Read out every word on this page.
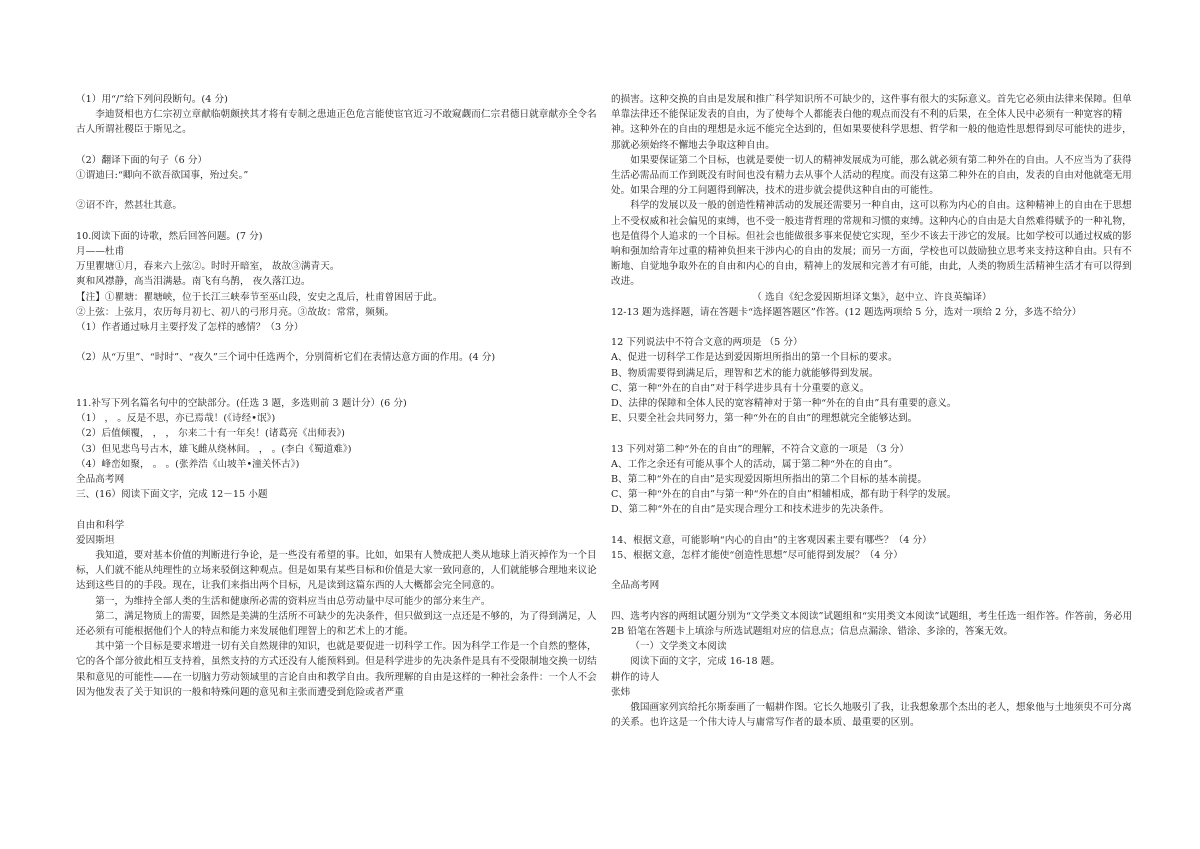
（1）用“/”给下列问段断句。(4 分)

李迪贤相也方仁宗初立章献临朝颇挟其才将有专制之患迪正色危言能使宦官近习不敢窥觑而仁宗君德日就章献亦全令名古人所谓社稷臣于斯见之。

（2）翻译下面的句子（6 分）

①谓迪曰:“卿向不欲吾欲国事，殆过矣。”

②诏不许，然甚壮其意。

10.阅读下面的诗歌，然后回答问题。(7 分)

月——杜甫

万里瞿塘①月，春来六上弦②。时时开暗室， 故故③满青天。

爽和风襟静，高当泪满悬。南飞有乌鹊， 夜久落江边。

【注】①瞿塘：瞿塘峡，位于长江三峡奉节至巫山段，安史之乱后，杜甫曾困居于此。

②上弦：上弦月，农历每月初七、初八的弓形月亮。③故故：常常，频频。

（1）作者通过咏月主要抒发了怎样的感情？（3 分）

（2）从“万里”、“时时”、“夜久”三个词中任选两个，分别简析它们在表情达意方面的作用。(4 分)

11.补写下列名篇名句中的空缺部分。(任选 3 题，多选则前 3 题计分）(6 分)

（1） ， 。反是不思，亦已焉哉！(《诗经•氓》)

（2）后值倾覆， ， ， 尔来二十有一年矣！(诸葛亮《出师表》)

（3）但见悲鸟号古木，雄飞雌从绕林间。 ， 。(李白《蜀道难》)

（4）峰峦如聚， 。 。(张养浩《山坡羊•潼关怀古》)

全品高考网

三、(16）阅读下面文字，完成 12－15 小题

自由和科学

爱因斯坦

我知道，要对基本价值的判断进行争论，是一些没有希望的事。比如，如果有人赞成把人类从地球上消灭掉作为一个目标，人们就不能从纯理性的立场来驳倒这种观点。但是如果有某些目标和价值是大家一致同意的，人们就能够合理地来议论达到这些目的的手段。现在，让我们来指出两个目标，凡是读到这篇东西的人大概都会完全同意的。

第一，为维持全部人类的生活和健康所必需的资料应当由总劳动量中尽可能少的部分来生产。

第二，满足物质上的需要，固然是美满的生活所不可缺少的先决条件，但只做到这一点还是不够的，为了得到满足，人还必须有可能根据他们个人的特点和能力来发展他们理智上的和艺术上的才能。

其中第一个目标是要求增进一切有关自然规律的知识，也就是要促进一切科学工作。因为科学工作是一个自然的整体，它的各个部分彼此相互支持着，虽然支持的方式还没有人能预料到。但是科学进步的先决条件是具有不受限制地交换一切结果和意见的可能性——在一切脑力劳动领域里的言论自由和教学自由。我所理解的自由是这样的一种社会条件：一个人不会因为他发表了关于知识的一般和特殊问题的意见和主张而遭受到危险或者严重

的损害。这种交换的自由是发展和推广科学知识所不可缺少的，这件事有很大的实际意义。首先它必须由法律来保障。但单单靠法律还不能保证发表的自由，为了使每个人都能表白他的观点而没有不利的后果，在全体人民中必须有一种宽容的精神。这种外在的自由的理想是永远不能完全达到的，但如果要使科学思想、哲学和一般的他造性思想得到尽可能快的进步，那就必须始终不懈地去争取这种自由。

如果要保证第二个目标，也就是要使一切人的精神发展成为可能，那么就必须有第二种外在的自由。人不应当为了获得生活必需品而工作到既没有时间也没有精力去从事个人活动的程度。而没有这第二种外在的自由，发表的自由对他就毫无用处。如果合理的分工问题得到解决，技术的进步就会提供这种自由的可能性。

科学的发展以及一般的创造性精神活动的发展还需要另一种自由，这可以称为内心的自由。这种精神上的自由在于思想上不受权威和社会偏见的束缚，也不受一般违背哲理的常规和习惯的束缚。这种内心的自由是大自然难得赋予的一种礼物，也是值得个人追求的一个目标。但社会也能做很多事来促使它实现，至少不该去干涉它的发展。比如学校可以通过权威的影响和强加给青年过重的精神负担来干涉内心的自由的发展；而另一方面，学校也可以鼓励独立思考来支持这种自由。只有不断地、自觉地争取外在的自由和内心的自由，精神上的发展和完善才有可能，由此，人类的物质生活精神生活才有可以得到改进。

（ 选自《纪念爱因斯坦译文集》，赵中立、许良英编译）

12-13 题为选择题，请在答题卡“选择题答题区”作答。(12 题选两项给 5 分，选对一项给 2 分，多选不给分）

12 下列说法中不符合文意的两项是 （5 分）

A、促进一切科学工作是达到爱因斯坦所指出的第一个目标的要求。

B、物质需要得到满足后，理智和艺术的能力就能够得到发展。

C、第一种“外在的自由”对于科学进步具有十分重要的意义。

D、法律的保障和全体人民的宽容精神对于第一种“外在的自由”具有重要的意义。

E、只要全社会共同努力，第一种“外在的自由”的理想就完全能够达到。

13 下列对第二种“外在的自由”的理解，不符合文意的一项是 （3 分）

A、工作之余还有可能从事个人的活动，属于第二种“外在的自由”。

B、第二种“外在的自由”是实现爱因斯坦所指出的第二个目标的基本前提。

C、第一种“外在的自由”与第一种“外在的自由”相辅相成，都有助于科学的发展。

D、第二种“外在的自由”是实现合理分工和技术进步的先决条件。

14、根据文意，可能影响“内心的自由”的主客观因素主要有哪些？（4 分）

15、根据文意，怎样才能使“创造性思想”尽可能得到发展？（4 分）

全品高考网

四、选考内容的两组试题分别为“文学类文本阅读”试题组和“实用类文本阅读”试题组，考生任选一组作答。作答前，务必用 2B 铅笔在答题卡上填涂与所选试题组对应的信息点；信息点漏涂、错涂、多涂的，答案无效。

（一）文学类文本阅读

阅读下面的文字，完成 16-18 题。

耕作的诗人

张炜

俄国画家列宾给托尔斯泰画了一幅耕作图。它长久地吸引了我，让我想象那个杰出的老人，想象他与土地须臾不可分离的关系。也许这是一个伟大诗人与庸常写作者的最本质、最重要的区别。
